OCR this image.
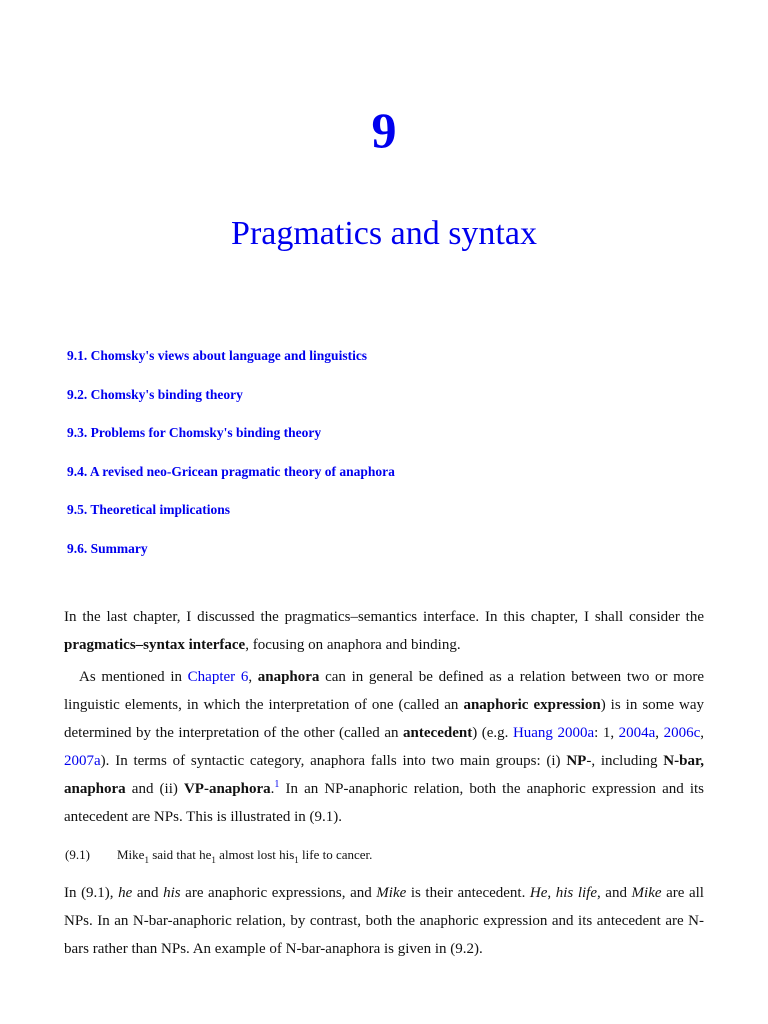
9
Pragmatics and syntax
9.1. Chomsky's views about language and linguistics
9.2. Chomsky's binding theory
9.3. Problems for Chomsky's binding theory
9.4. A revised neo-Gricean pragmatic theory of anaphora
9.5. Theoretical implications
9.6. Summary

In the last chapter, I discussed the pragmatics–semantics interface. In this chapter, I shall consider the pragmatics–syntax interface, focusing on anaphora and binding.

As mentioned in Chapter 6, anaphora can in general be defined as a relation between two or more linguistic elements, in which the interpretation of one (called an anaphoric expression) is in some way determined by the interpretation of the other (called an antecedent) (e.g. Huang 2000a: 1, 2004a, 2006c, 2007a). In terms of syntactic category, anaphora falls into two main groups: (i) NP-, including N-bar, anaphora and (ii) VP-anaphora.$^1$ In an NP-anaphoric relation, both the anaphoric expression and its antecedent are NPs. This is illustrated in (9.1).

(9.1) Mike$_1$ said that $he_1$ almost lost his$_1$ life to cancer.

In (9.1), he and his are anaphoric expressions, and Mike is their antecedent. He, his life, and Mike are all NPs. In an N-bar-anaphoric relation, by contrast, both the anaphoric expression and its antecedent are N-bars rather than NPs. An example of N-bar-anaphora is given in (9.2).
